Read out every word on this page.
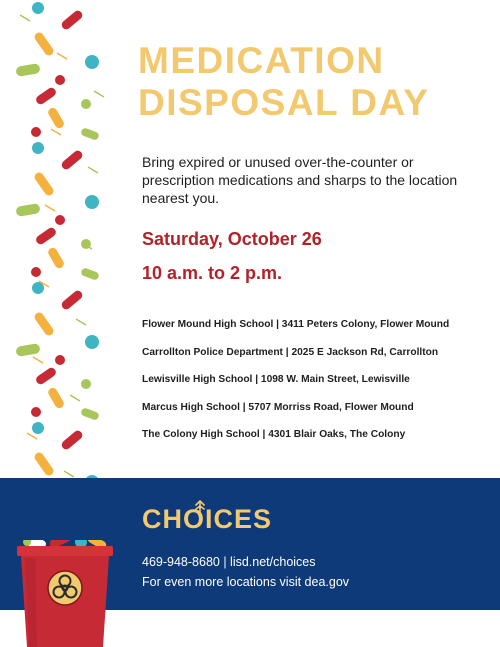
MEDICATION
DISPOSAL DAY
Bring expired or unused over-the-counter or prescription medications and sharps to the location nearest you.
Saturday, October 26
10 a.m. to 2 p.m.
Flower Mound High School | 3411 Peters Colony, Flower Mound
Carrollton Police Department | 2025 E Jackson Rd, Carrollton
Lewisville High School | 1098 W. Main Street, Lewisville
Marcus High School | 5707 Morriss Road, Flower Mound
The Colony High School | 4301 Blair Oaks, The Colony
CHOICES
469-948-8680 | lisd.net/choices
For even more locations visit dea.gov
